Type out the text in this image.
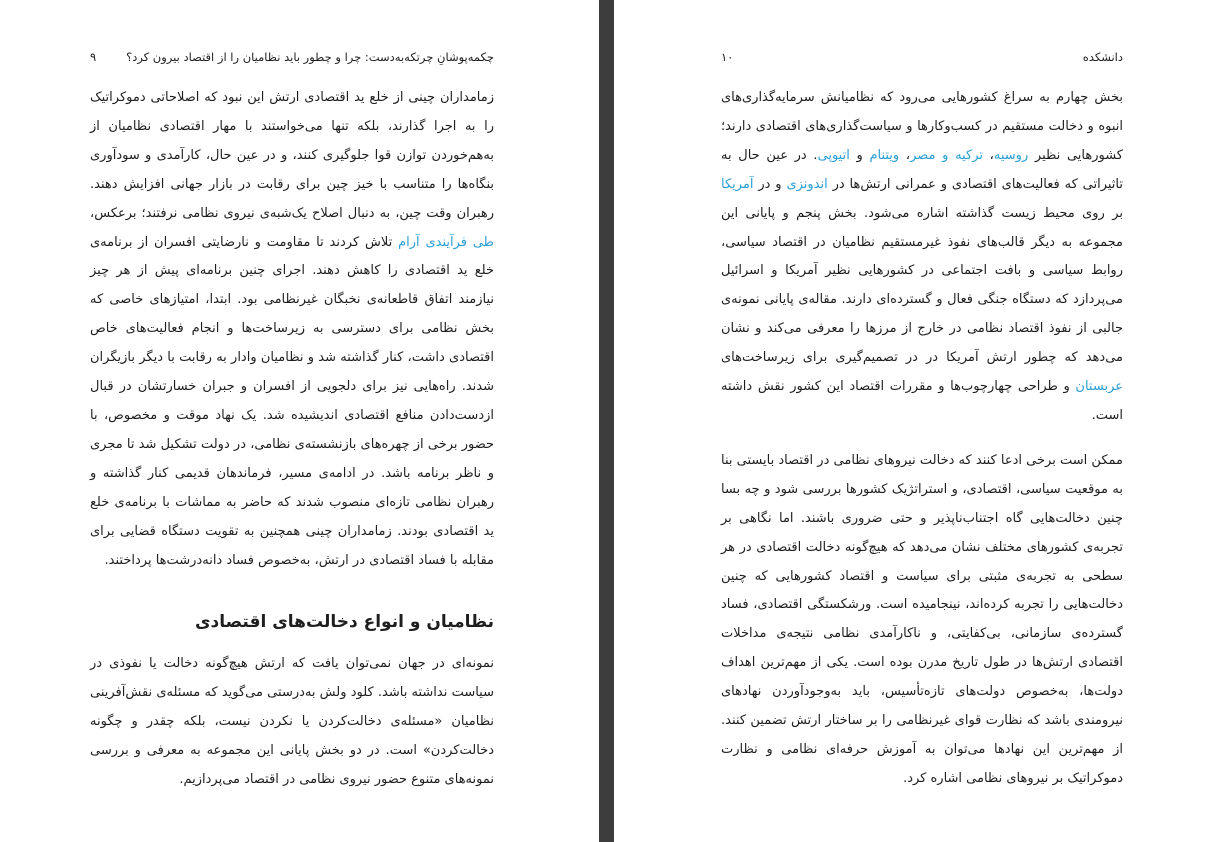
چکمه‌پوشانِ چرتکه‌به‌دست: چرا و چطور باید نظامیان را از اقتصاد بیرون کرد؟
۹

زمامداران چینی از خلع ید اقتصادی ارتش این نبود که اصلاحاتی دموکراتیک را به اجرا گذارند، بلکه تنها می‌خواستند با مهار اقتصادی نظامیان از به‌هم‌خوردن توازن قوا جلوگیری کنند، و در عین حال، کارآمدی و سودآوری بنگاه‌ها را متناسب با خیز چین برای رقابت در بازار جهانی افزایش دهند. رهبران وقت چین، به دنبال اصلاح یک‌شبه‌ی نیروی نظامی نرفتند؛ برعکس، طی فرآیندی آرام تلاش کردند تا مقاومت و نارضایتی افسران از برنامه‌ی خلع ید اقتصادی را کاهش دهند. اجرای چنین برنامه‌ای پیش از هر چیز نیازمند اتفاق قاطعانه‌ی نخبگان غیرنظامی بود. ابتدا، امتیازهای خاصی که بخش نظامی برای دسترسی به زیرساخت‌ها و انجام فعالیت‌های خاص اقتصادی داشت، کنار گذاشته شد و نظامیان وادار به رقابت با دیگر بازیگران شدند. راه‌هایی نیز برای دلجویی از افسران و جبران خسارتشان در قبال ازدست‌دادن منافع اقتصادی اندیشیده شد. یک نهاد موقت و مخصوص، با حضور برخی از چهره‌های بازنشسته‌ی نظامی، در دولت تشکیل شد تا مجری و ناظر برنامه باشد. در ادامه‌ی مسیر، فرماندهان قدیمی کنار گذاشته و رهبران نظامی تازه‌ای منصوب شدند که حاضر به مماشات با برنامه‌ی خلع ید اقتصادی بودند. زمامداران چینی همچنین به تقویت دستگاه قضایی برای مقابله با فساد اقتصادی در ارتش، به‌خصوص فساد دانه‌درشت‌ها پرداختند.

نظامیان و انواع دخالت‌های اقتصادی

نمونه‌ای در جهان نمی‌توان یافت که ارتش هیچ‌گونه دخالت یا نفوذی در سیاست نداشته باشد. کلود ولش به‌درستی می‌گوید که مسئله‌ی نقش‌آفرینی نظامیان «مسئله‌ی دخالت‌کردن یا نکردن نیست، بلکه چقدر و چگونه دخالت‌کردن» است. در دو بخش پایانی این مجموعه به معرفی و بررسی نمونه‌های متنوع حضور نیروی نظامی در اقتصاد می‌پردازیم.

دانشکده
۱۰

بخش چهارم به سراغ کشورهایی می‌رود که نظامیانش سرمایه‌گذاری‌های انبوه و دخالت مستقیم در کسب‌وکارها و سیاست‌گذاری‌های اقتصادی دارند؛ کشورهایی نظیر روسیه، ترکیه و مصر، ویتنام و اتیوپی. در عین حال به تاثیراتی که فعالیت‌های اقتصادی و عمرانی ارتش‌ها در اندونزی و در آمریکا بر روی محیط زیست گذاشته اشاره می‌شود. بخش پنجم و پایانی این مجموعه به دیگر قالب‌های نفوذ غیرمستقیم نظامیان در اقتصاد سیاسی، روابط سیاسی و بافت اجتماعی در کشورهایی نظیر آمریکا و اسرائیل می‌پردازد که دستگاه جنگی فعال و گسترده‌ای دارند. مقاله‌ی پایانی نمونه‌ی جالبی از نفوذ اقتصاد نظامی در خارج از مرزها را معرفی می‌کند و نشان می‌دهد که چطور ارتش آمریکا در در تصمیم‌گیری برای زیرساخت‌های عربستان و طراحی چهارچوب‌ها و مقررات اقتصاد این کشور نقش داشته است.

ممکن است برخی ادعا کنند که دخالت نیروهای نظامی در اقتصاد بایستی بنا به موقعیت سیاسی، اقتصادی، و استراتژیک کشورها بررسی شود و چه بسا چنین دخالت‌هایی گاه اجتناب‌ناپذیر و حتی ضروری باشند. اما نگاهی بر تجربه‌ی کشورهای مختلف نشان می‌دهد که هیچ‌گونه دخالت اقتصادی در هر سطحی به تجربه‌ی مثبتی برای سیاست و اقتصاد کشورهایی که چنین دخالت‌هایی را تجربه کرده‌اند، نینجامیده است. ورشکستگی اقتصادی، فساد گسترده‌ی سازمانی، بی‌کفایتی، و ناکارآمدی نظامی نتیجه‌ی مداخلات اقتصادی ارتش‌ها در طول تاریخ مدرن بوده است. یکی از مهم‌ترین اهداف دولت‌ها، به‌خصوص دولت‌های تازه‌تأسیس، باید به‌وجودآوردن نهادهای نیرومندی باشد که نظارت قوای غیرنظامی را بر ساختار ارتش تضمین کنند. از مهم‌ترین این نهادها می‌توان به آموزش حرفه‌ای نظامی و نظارت دموکراتیک بر نیروهای نظامی اشاره کرد.
